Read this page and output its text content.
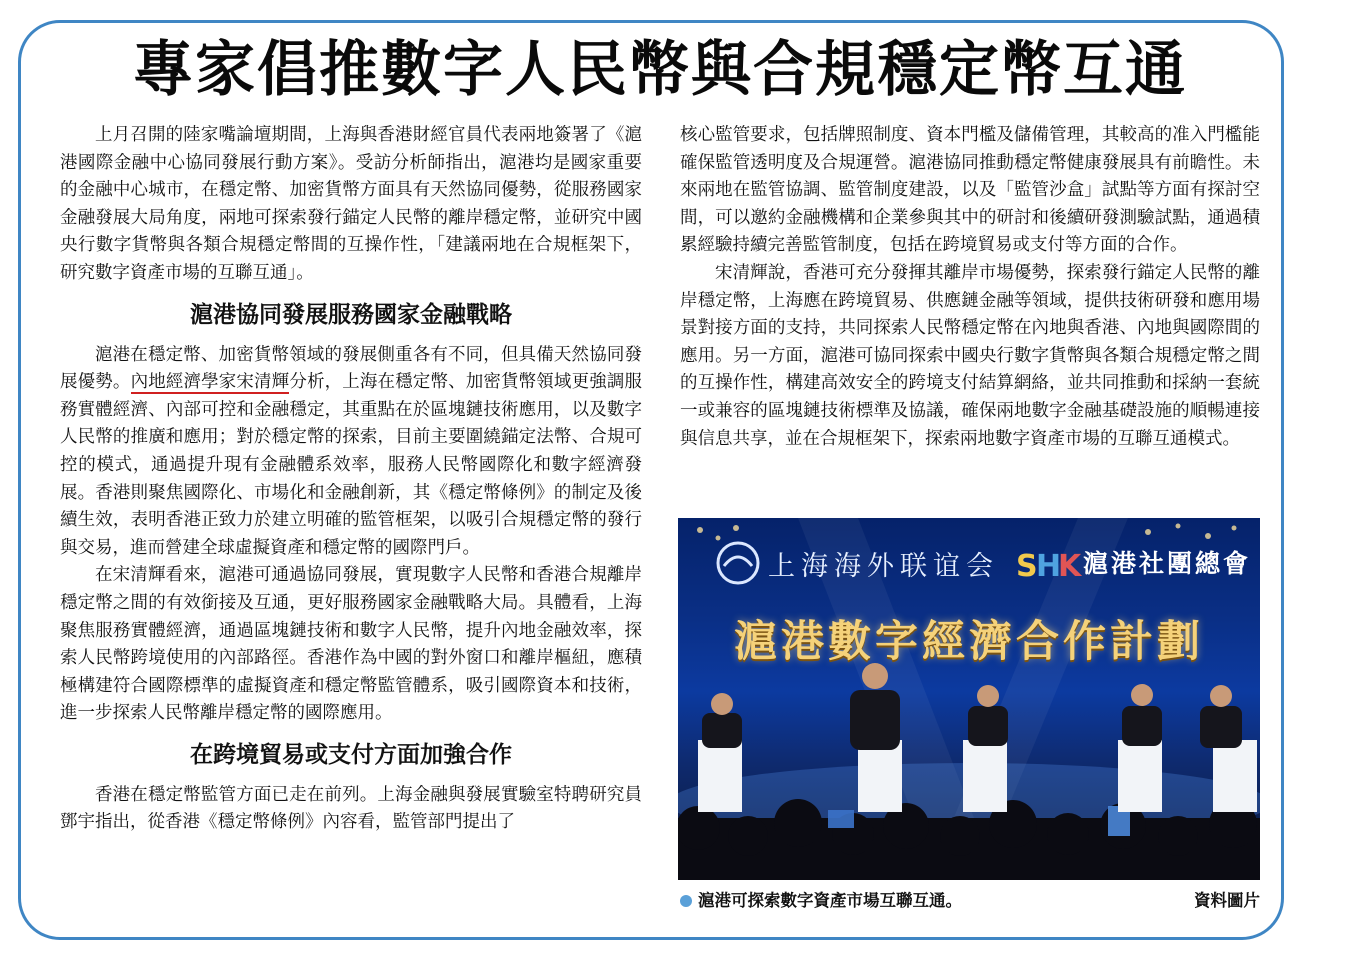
專家倡推數字人民幣與合規穩定幣互通

上月召開的陸家嘴論壇期間，上海與香港財經官員代表兩地簽署了《滬港國際金融中心協同發展行動方案》。受訪分析師指出，滬港均是國家重要的金融中心城市，在穩定幣、加密貨幣方面具有天然協同優勢，從服務國家金融發展大局角度，兩地可探索發行錨定人民幣的離岸穩定幣，並研究中國央行數字貨幣與各類合規穩定幣間的互操作性，「建議兩地在合規框架下，研究數字資產市場的互聯互通」。

滬港協同發展服務國家金融戰略

滬港在穩定幣、加密貨幣領域的發展側重各有不同，但具備天然協同發展優勢。內地經濟學家宋清輝分析，上海在穩定幣、加密貨幣領域更強調服務實體經濟、內部可控和金融穩定，其重點在於區塊鏈技術應用，以及數字人民幣的推廣和應用；對於穩定幣的探索，目前主要圍繞錨定法幣、合規可控的模式，通過提升現有金融體系效率，服務人民幣國際化和數字經濟發展。香港則聚焦國際化、市場化和金融創新，其《穩定幣條例》的制定及後續生效，表明香港正致力於建立明確的監管框架，以吸引合規穩定幣的發行與交易，進而營建全球虛擬資產和穩定幣的國際門戶。

在宋清輝看來，滬港可通過協同發展，實現數字人民幣和香港合規離岸穩定幣之間的有效銜接及互通，更好服務國家金融戰略大局。具體看，上海聚焦服務實體經濟，通過區塊鏈技術和數字人民幣，提升內地金融效率，探索人民幣跨境使用的內部路徑。香港作為中國的對外窗口和離岸樞紐，應積極構建符合國際標準的虛擬資產和穩定幣監管體系，吸引國際資本和技術，進一步探索人民幣離岸穩定幣的國際應用。

在跨境貿易或支付方面加強合作

香港在穩定幣監管方面已走在前列。上海金融與發展實驗室特聘研究員鄧宇指出，從香港《穩定幣條例》內容看，監管部門提出了

核心監管要求，包括牌照制度、資本門檻及儲備管理，其較高的准入門檻能確保監管透明度及合規運營。滬港協同推動穩定幣健康發展具有前瞻性。未來兩地在監管協調、監管制度建設，以及「監管沙盒」試點等方面有探討空間，可以邀約金融機構和企業參與其中的研討和後續研發測驗試點，通過積累經驗持續完善監管制度，包括在跨境貿易或支付等方面的合作。

宋清輝說，香港可充分發揮其離岸市場優勢，探索發行錨定人民幣的離岸穩定幣，上海應在跨境貿易、供應鏈金融等領域，提供技術研發和應用場景對接方面的支持，共同探索人民幣穩定幣在內地與香港、內地與國際間的應用。另一方面，滬港可協同探索中國央行數字貨幣與各類合規穩定幣之間的互操作性，構建高效安全的跨境支付結算網絡，並共同推動和採納一套統一或兼容的區塊鏈技術標準及協議，確保兩地數字金融基礎設施的順暢連接與信息共享，並在合規框架下，探索兩地數字資產市場的互聯互通模式。

S
H
K
上海海外联谊会	滬港社團總會
滬港數字經濟合作計劃
滬港可探索數字資產市場互聯互通。	資料圖片
